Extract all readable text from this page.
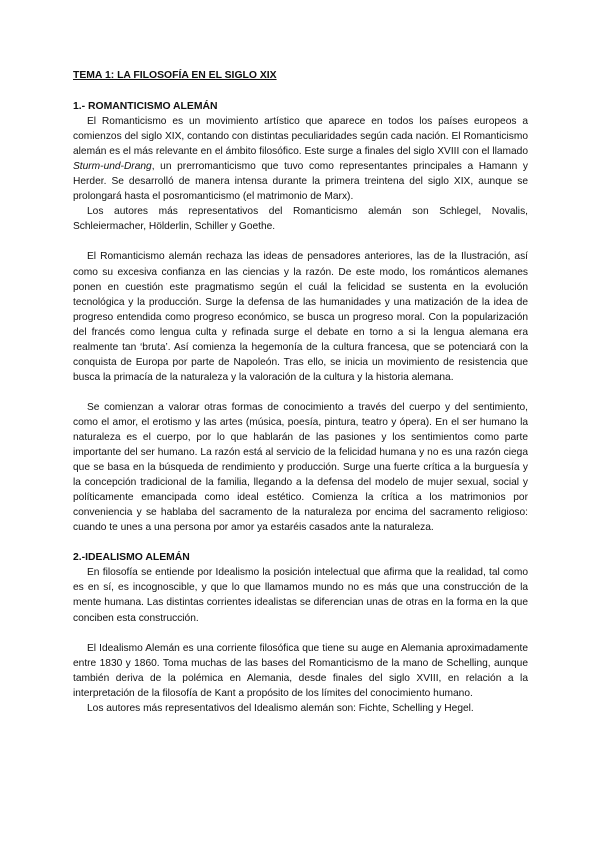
TEMA 1: LA FILOSOFÍA EN EL SIGLO XIX
1.- ROMANTICISMO ALEMÁN

El Romanticismo es un movimiento artístico que aparece en todos los países europeos a comienzos del siglo XIX, contando con distintas peculiaridades según cada nación. El Romanticismo alemán es el más relevante en el ámbito filosófico. Este surge a finales del siglo XVIII con el llamado Sturm-und-Drang, un prerromanticismo que tuvo como representantes principales a Hamann y Herder. Se desarrolló de manera intensa durante la primera treintena del siglo XIX, aunque se prolongará hasta el posromanticismo (el matrimonio de Marx).

Los autores más representativos del Romanticismo alemán son Schlegel, Novalis, Schleiermacher, Hölderlin, Schiller y Goethe.

El Romanticismo alemán rechaza las ideas de pensadores anteriores, las de la Ilustración, así como su excesiva confianza en las ciencias y la razón. De este modo, los románticos alemanes ponen en cuestión este pragmatismo según el cuál la felicidad se sustenta en la evolución tecnológica y la producción. Surge la defensa de las humanidades y una matización de la idea de progreso entendida como progreso económico, se busca un progreso moral. Con la popularización del francés como lengua culta y refinada surge el debate en torno a si la lengua alemana era realmente tan ‘bruta’. Así comienza la hegemonía de la cultura francesa, que se potenciará con la conquista de Europa por parte de Napoleón. Tras ello, se inicia un movimiento de resistencia que busca la primacía de la naturaleza y la valoración de la cultura y la historia alemana.

Se comienzan a valorar otras formas de conocimiento a través del cuerpo y del sentimiento, como el amor, el erotismo y las artes (música, poesía, pintura, teatro y ópera). En el ser humano la naturaleza es el cuerpo, por lo que hablarán de las pasiones y los sentimientos como parte importante del ser humano. La razón está al servicio de la felicidad humana y no es una razón ciega que se basa en la búsqueda de rendimiento y producción. Surge una fuerte crítica a la burguesía y la concepción tradicional de la familia, llegando a la defensa del modelo de mujer sexual, social y políticamente emancipada como ideal estético. Comienza la crítica a los matrimonios por conveniencia y se hablaba del sacramento de la naturaleza por encima del sacramento religioso: cuando te unes a una persona por amor ya estaréis casados ante la naturaleza.

2.-IDEALISMO ALEMÁN

En filosofía se entiende por Idealismo la posición intelectual que afirma que la realidad, tal como es en sí, es incognoscible, y que lo que llamamos mundo no es más que una construcción de la mente humana. Las distintas corrientes idealistas se diferencian unas de otras en la forma en la que conciben esta construcción.

El Idealismo Alemán es una corriente filosófica que tiene su auge en Alemania aproximadamente entre 1830 y 1860. Toma muchas de las bases del Romanticismo de la mano de Schelling, aunque también deriva de la polémica en Alemania, desde finales del siglo XVIII, en relación a la interpretación de la filosofía de Kant a propósito de los límites del conocimiento humano.

Los autores más representativos del Idealismo alemán son: Fichte, Schelling y Hegel.
